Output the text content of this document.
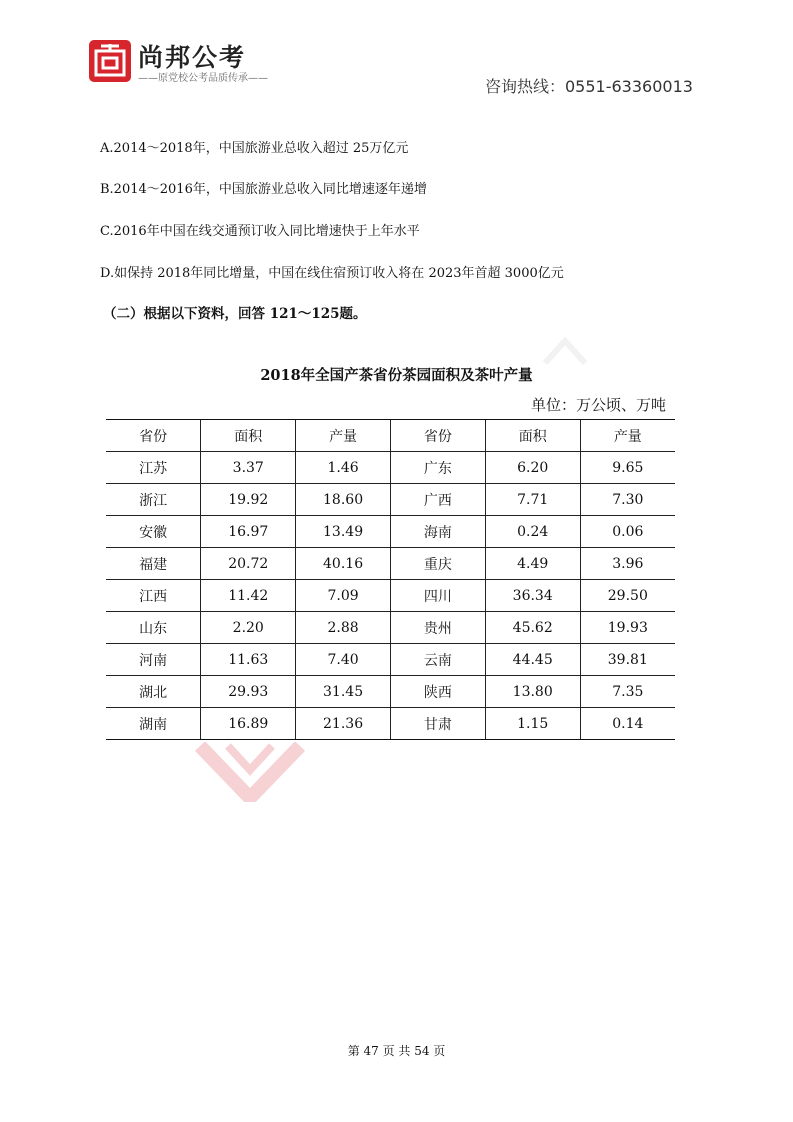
尚邦公考
——原党校公考品质传承——	咨询热线：0551-63360013
A.2014～2018年，中国旅游业总收入超过 25万亿元
B.2014～2016年，中国旅游业总收入同比增速逐年递增
C.2016年中国在线交通预订收入同比增速快于上年水平
D.如保持 2018年同比增量，中国在线住宿预订收入将在 2023年首超 3000亿元
（二）根据以下资料，回答 121～125题。
2018年全国产茶省份茶园面积及茶叶产量
单位：万公顷、万吨
省份	面积	产量	省份	面积	产量
江苏	3.37	1.46	广东	6.20	9.65
浙江	19.92	18.60	广西	7.71	7.30
安徽	16.97	13.49	海南	0.24	0.06
福建	20.72	40.16	重庆	4.49	3.96
江西	11.42	7.09	四川	36.34	29.50
山东	2.20	2.88	贵州	45.62	19.93
河南	11.63	7.40	云南	44.45	39.81
湖北	29.93	31.45	陕西	13.80	7.35
湖南	16.89	21.36	甘肃	1.15	0.14
第 47 页 共 54 页
